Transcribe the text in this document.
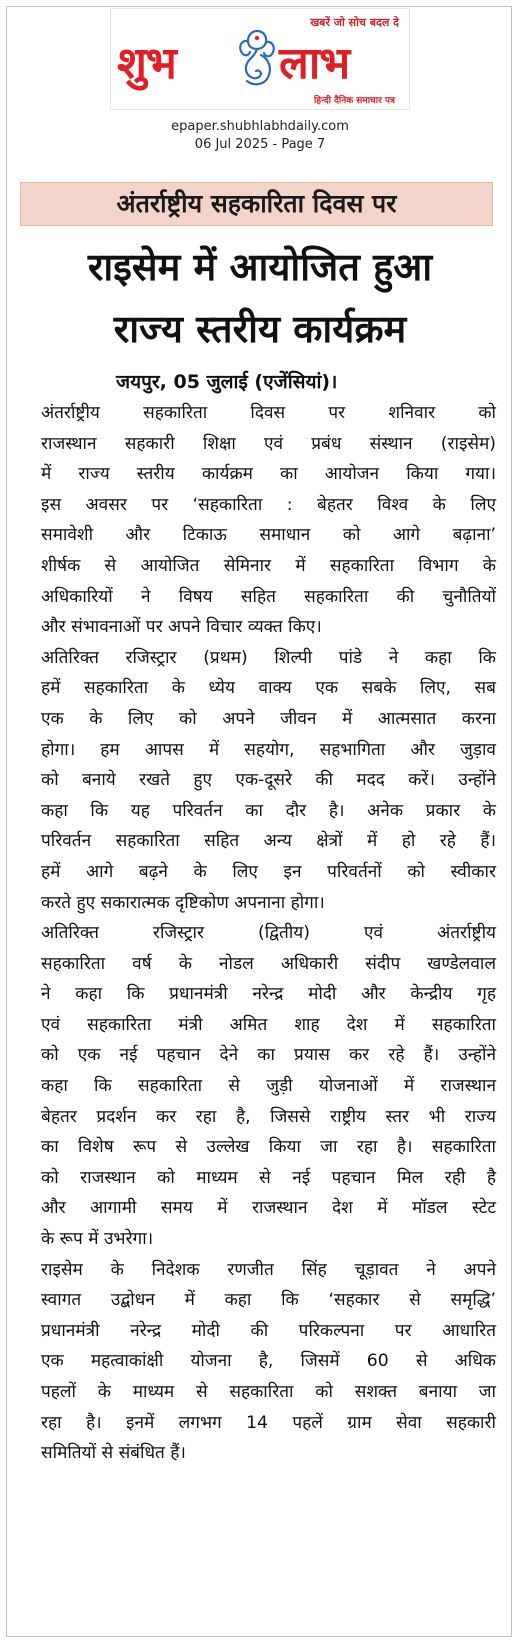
खबरें जो सोच बदल दे
शुभ लाभ
हिन्दी दैनिक समाचार पत्र
epaper.shubhlabhdaily.com
06 Jul 2025 - Page 7
अंतर्राष्ट्रीय सहकारिता दिवस पर
राइसेम में आयोजित हुआ
राज्य स्तरीय कार्यक्रम
जयपुर, 05 जुलाई (एजेंसियां)।

अंतर्राष्ट्रीय सहकारिता दिवस पर शनिवार को
राजस्थान सहकारी शिक्षा एवं प्रबंध संस्थान (राइसेम)
में राज्य स्तरीय कार्यक्रम का आयोजन किया गया।
इस अवसर पर ‘सहकारिता : बेहतर विश्व के लिए
समावेशी और टिकाऊ समाधान को आगे बढ़ाना’
शीर्षक से आयोजित सेमिनार में सहकारिता विभाग के
अधिकारियों ने विषय सहित सहकारिता की चुनौतियों
और संभावनाओं पर अपने विचार व्यक्त किए।

अतिरिक्त रजिस्ट्रार (प्रथम) शिल्पी पांडे ने कहा कि
हमें सहकारिता के ध्येय वाक्य एक सबके लिए, सब
एक के लिए को अपने जीवन में आत्मसात करना
होगा। हम आपस में सहयोग, सहभागिता और जुड़ाव
को बनाये रखते हुए एक-दूसरे की मदद करें। उन्होंने
कहा कि यह परिवर्तन का दौर है। अनेक प्रकार के
परिवर्तन सहकारिता सहित अन्य क्षेत्रों में हो रहे हैं।
हमें आगे बढ़ने के लिए इन परिवर्तनों को स्वीकार
करते हुए सकारात्मक दृष्टिकोण अपनाना होगा।

अतिरिक्त रजिस्ट्रार (द्वितीय) एवं अंतर्राष्ट्रीय
सहकारिता वर्ष के नोडल अधिकारी संदीप खण्डेलवाल
ने कहा कि प्रधानमंत्री नरेन्द्र मोदी और केन्द्रीय गृह
एवं सहकारिता मंत्री अमित शाह देश में सहकारिता
को एक नई पहचान देने का प्रयास कर रहे हैं। उन्होंने
कहा कि सहकारिता से जुड़ी योजनाओं में राजस्थान
बेहतर प्रदर्शन कर रहा है, जिससे राष्ट्रीय स्तर भी राज्य
का विशेष रूप से उल्लेख किया जा रहा है। सहकारिता
को राजस्थान को माध्यम से नई पहचान मिल रही है
और आगामी समय में राजस्थान देश में मॉडल स्टेट
के रूप में उभरेगा।

राइसेम के निदेशक रणजीत सिंह चूड़ावत ने अपने
स्वागत उद्बोधन में कहा कि ‘सहकार से समृद्धि’
प्रधानमंत्री नरेन्द्र मोदी की परिकल्पना पर आधारित
एक महत्वाकांक्षी योजना है, जिसमें 60 से अधिक
पहलों के माध्यम से सहकारिता को सशक्त बनाया जा
रहा है। इनमें लगभग 14 पहलें ग्राम सेवा सहकारी
समितियों से संबंधित हैं।
